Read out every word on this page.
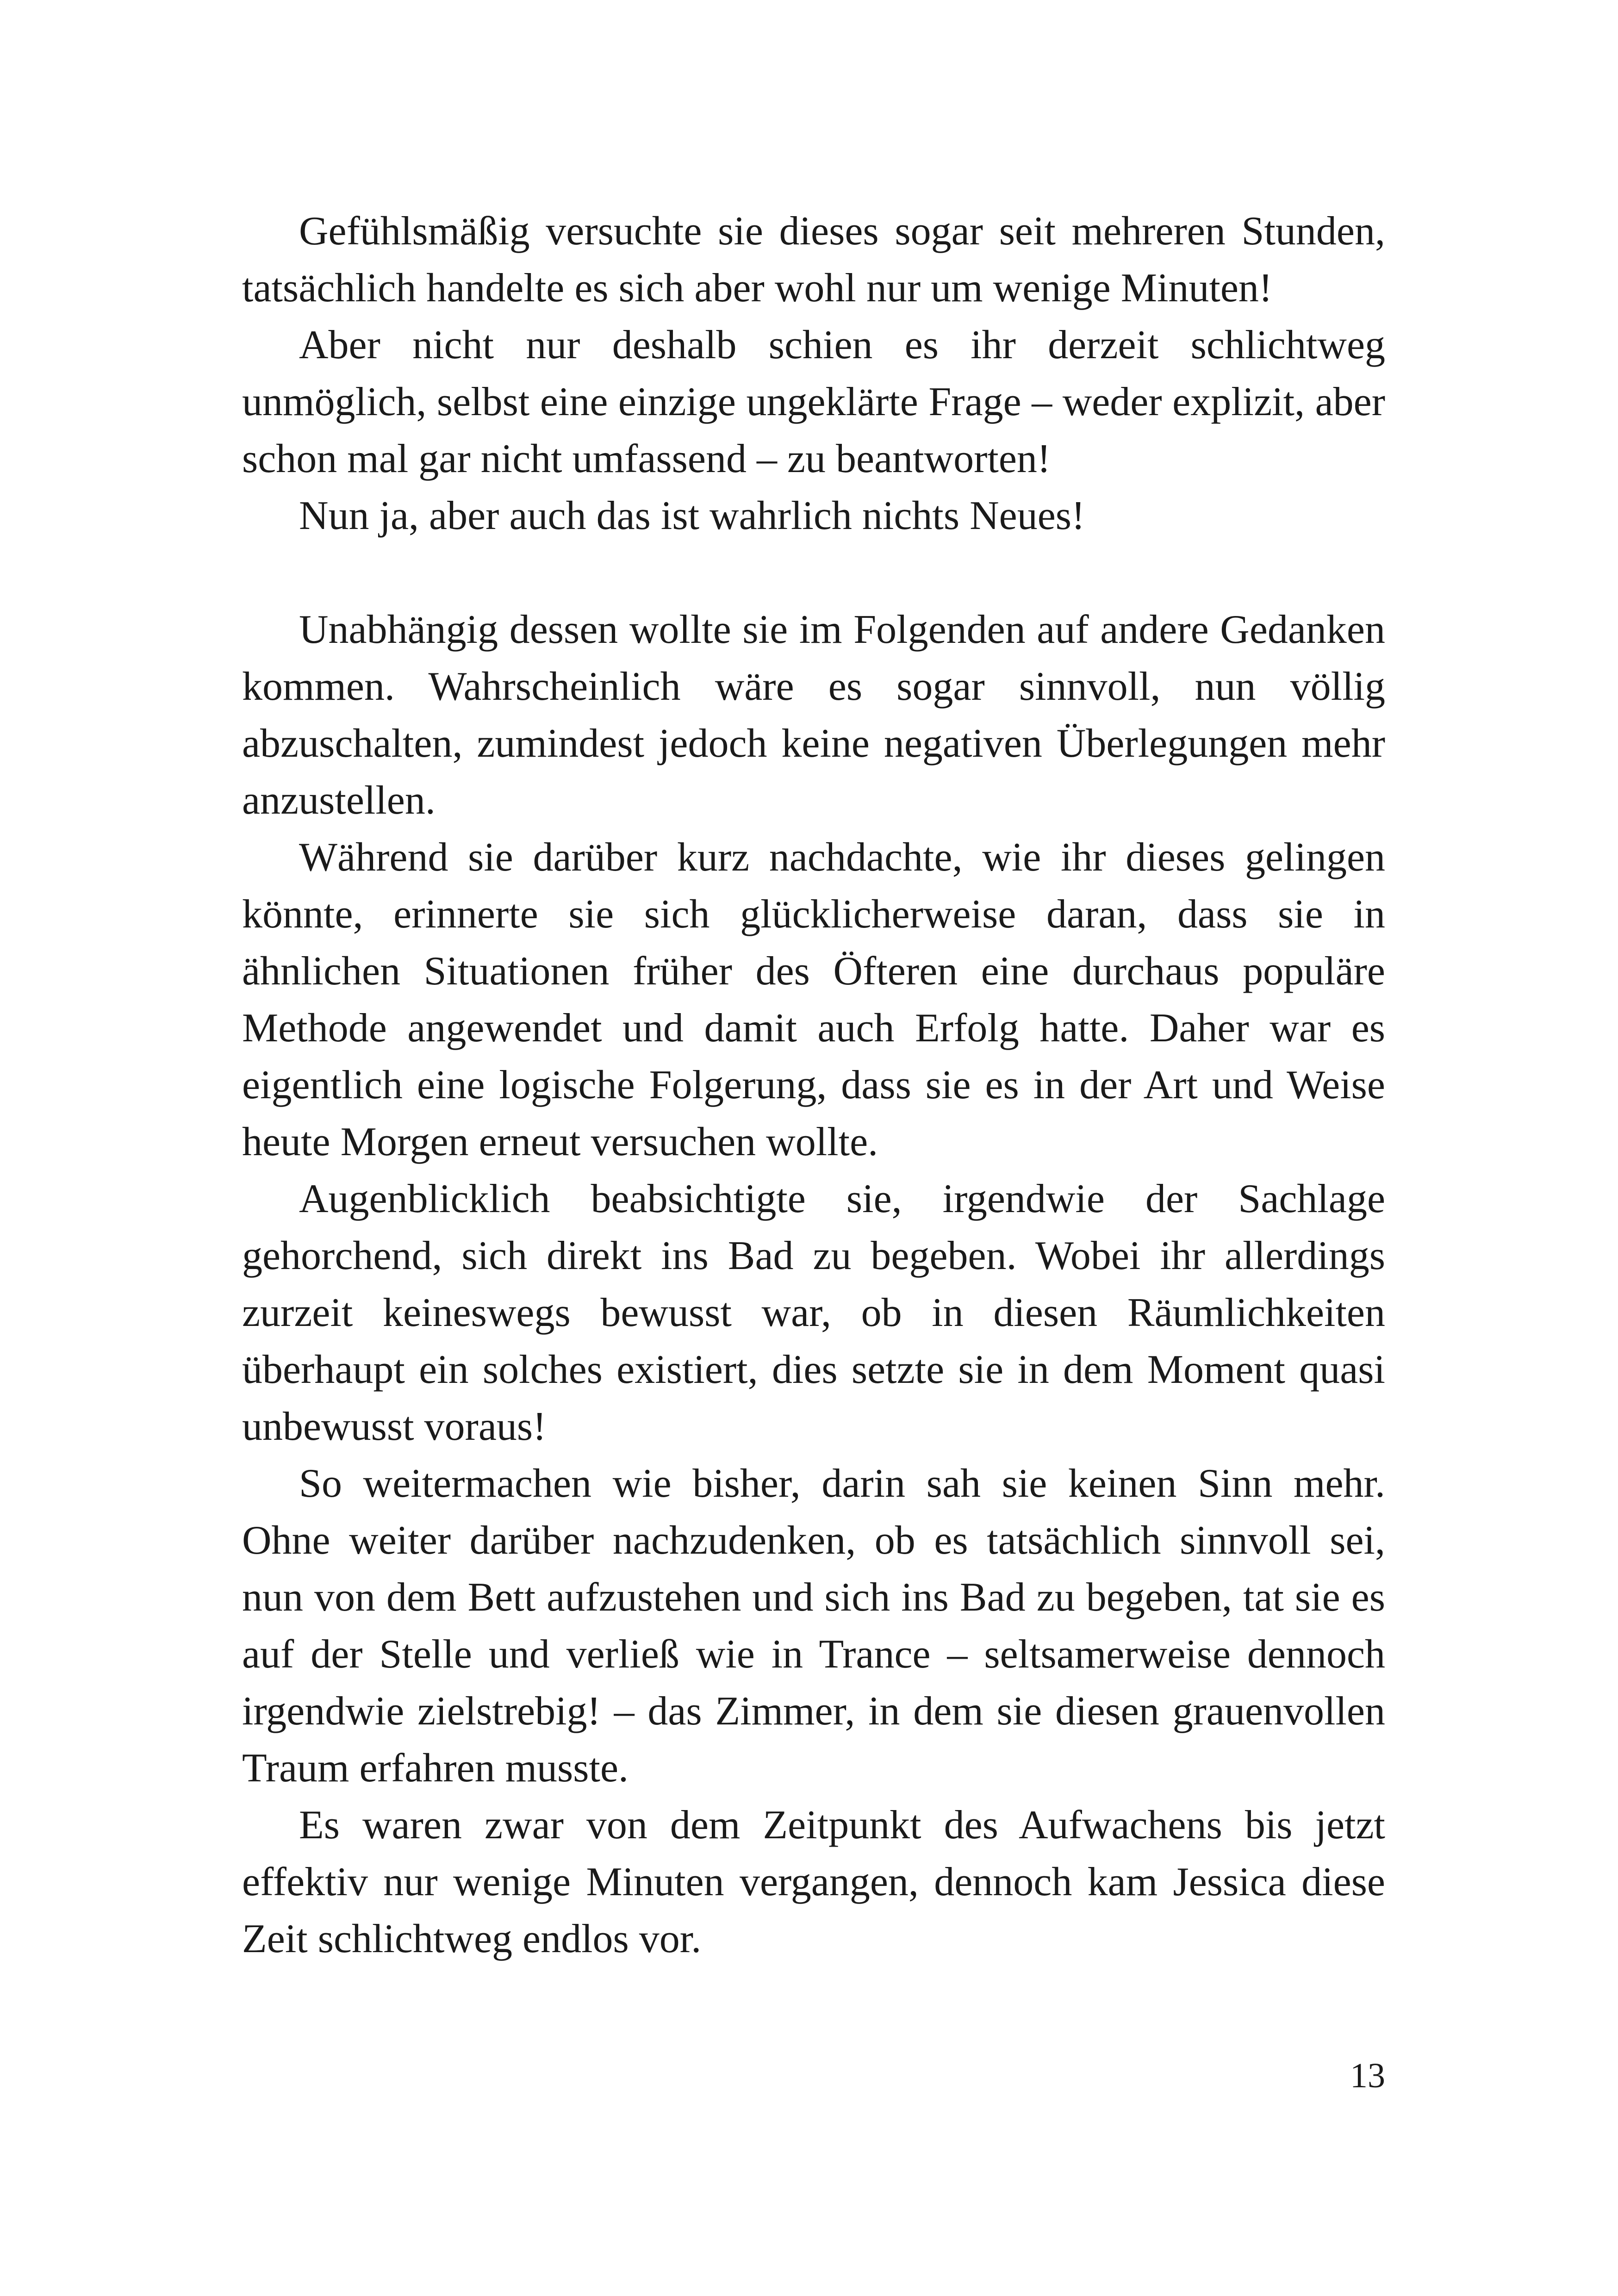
Gefühlsmäßig versuchte sie dieses sogar seit mehreren Stunden, tatsächlich handelte es sich aber wohl nur um wenige Minuten!

Aber nicht nur deshalb schien es ihr derzeit schlichtweg unmöglich, selbst eine einzige ungeklärte Frage – weder explizit, aber schon mal gar nicht umfassend – zu beantworten!

Nun ja, aber auch das ist wahrlich nichts Neues!

Unabhängig dessen wollte sie im Folgenden auf andere Gedanken kommen. Wahrscheinlich wäre es sogar sinnvoll, nun völlig abzuschalten, zumindest jedoch keine negativen Überlegungen mehr anzustellen.

Während sie darüber kurz nachdachte, wie ihr dieses gelingen könnte, erinnerte sie sich glücklicherweise daran, dass sie in ähnlichen Situationen früher des Öfteren eine durchaus populäre Methode angewendet und damit auch Erfolg hatte. Daher war es eigentlich eine logische Folgerung, dass sie es in der Art und Weise heute Morgen erneut versuchen wollte.

Augenblicklich beabsichtigte sie, irgendwie der Sachlage gehorchend, sich direkt ins Bad zu begeben. Wobei ihr allerdings zurzeit keineswegs bewusst war, ob in diesen Räumlichkeiten überhaupt ein solches existiert, dies setzte sie in dem Moment quasi unbewusst voraus!

So weitermachen wie bisher, darin sah sie keinen Sinn mehr. Ohne weiter darüber nachzudenken, ob es tatsächlich sinnvoll sei, nun von dem Bett aufzustehen und sich ins Bad zu begeben, tat sie es auf der Stelle und verließ wie in Trance – seltsamerweise dennoch irgendwie zielstrebig! – das Zimmer, in dem sie diesen grauenvollen Traum erfahren musste.

Es waren zwar von dem Zeitpunkt des Aufwachens bis jetzt effektiv nur wenige Minuten vergangen, dennoch kam Jessica diese Zeit schlichtweg endlos vor.

13
